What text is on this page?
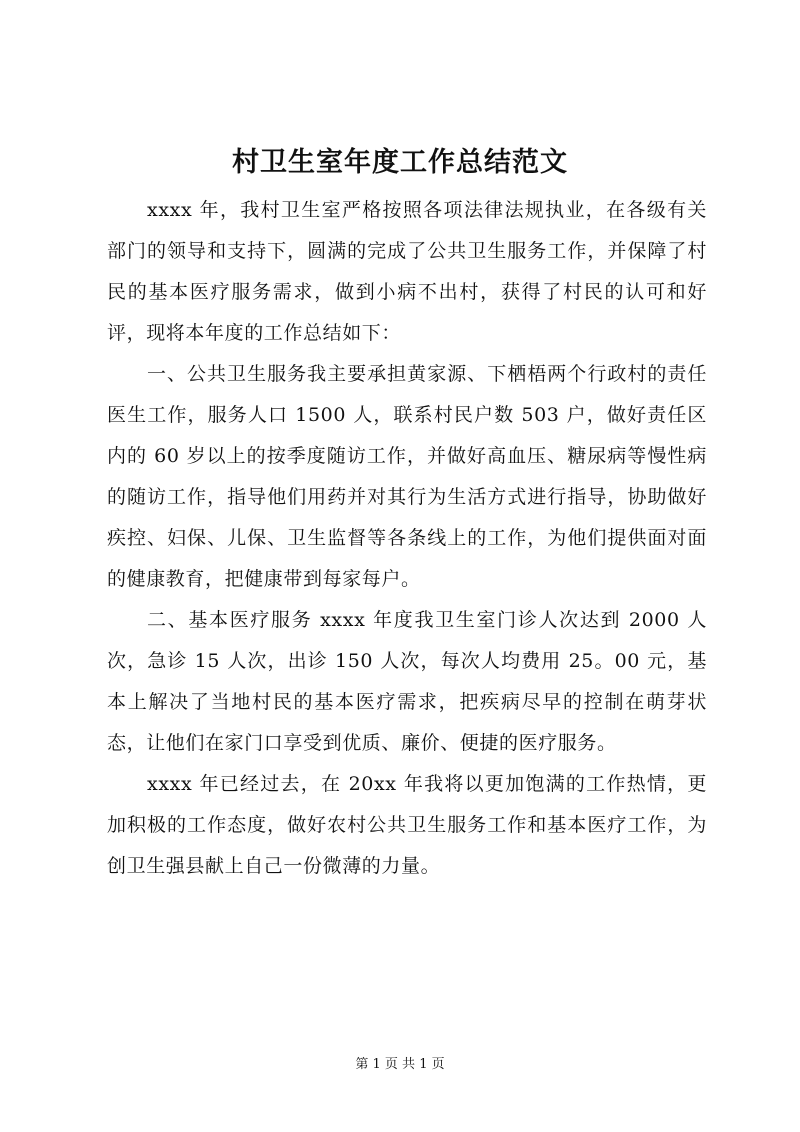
村卫生室年度工作总结范文

xxxx 年，我村卫生室严格按照各项法律法规执业，在各级有关部门的领导和支持下，圆满的完成了公共卫生服务工作，并保障了村民的基本医疗服务需求，做到小病不出村，获得了村民的认可和好评，现将本年度的工作总结如下：

一、公共卫生服务我主要承担黄家源、下栖梧两个行政村的责任医生工作，服务人口 1500 人，联系村民户数 503 户，做好责任区内的 60 岁以上的按季度随访工作，并做好高血压、糖尿病等慢性病的随访工作，指导他们用药并对其行为生活方式进行指导，协助做好疾控、妇保、儿保、卫生监督等各条线上的工作，为他们提供面对面的健康教育，把健康带到每家每户。

二、基本医疗服务 xxxx 年度我卫生室门诊人次达到 2000 人次，急诊 15 人次，出诊 150 人次，每次人均费用 25。00 元，基本上解决了当地村民的基本医疗需求，把疾病尽早的控制在萌芽状态，让他们在家门口享受到优质、廉价、便捷的医疗服务。

xxxx 年已经过去，在 20xx 年我将以更加饱满的工作热情，更加积极的工作态度，做好农村公共卫生服务工作和基本医疗工作，为创卫生强县献上自己一份微薄的力量。

第 1 页 共 1 页
